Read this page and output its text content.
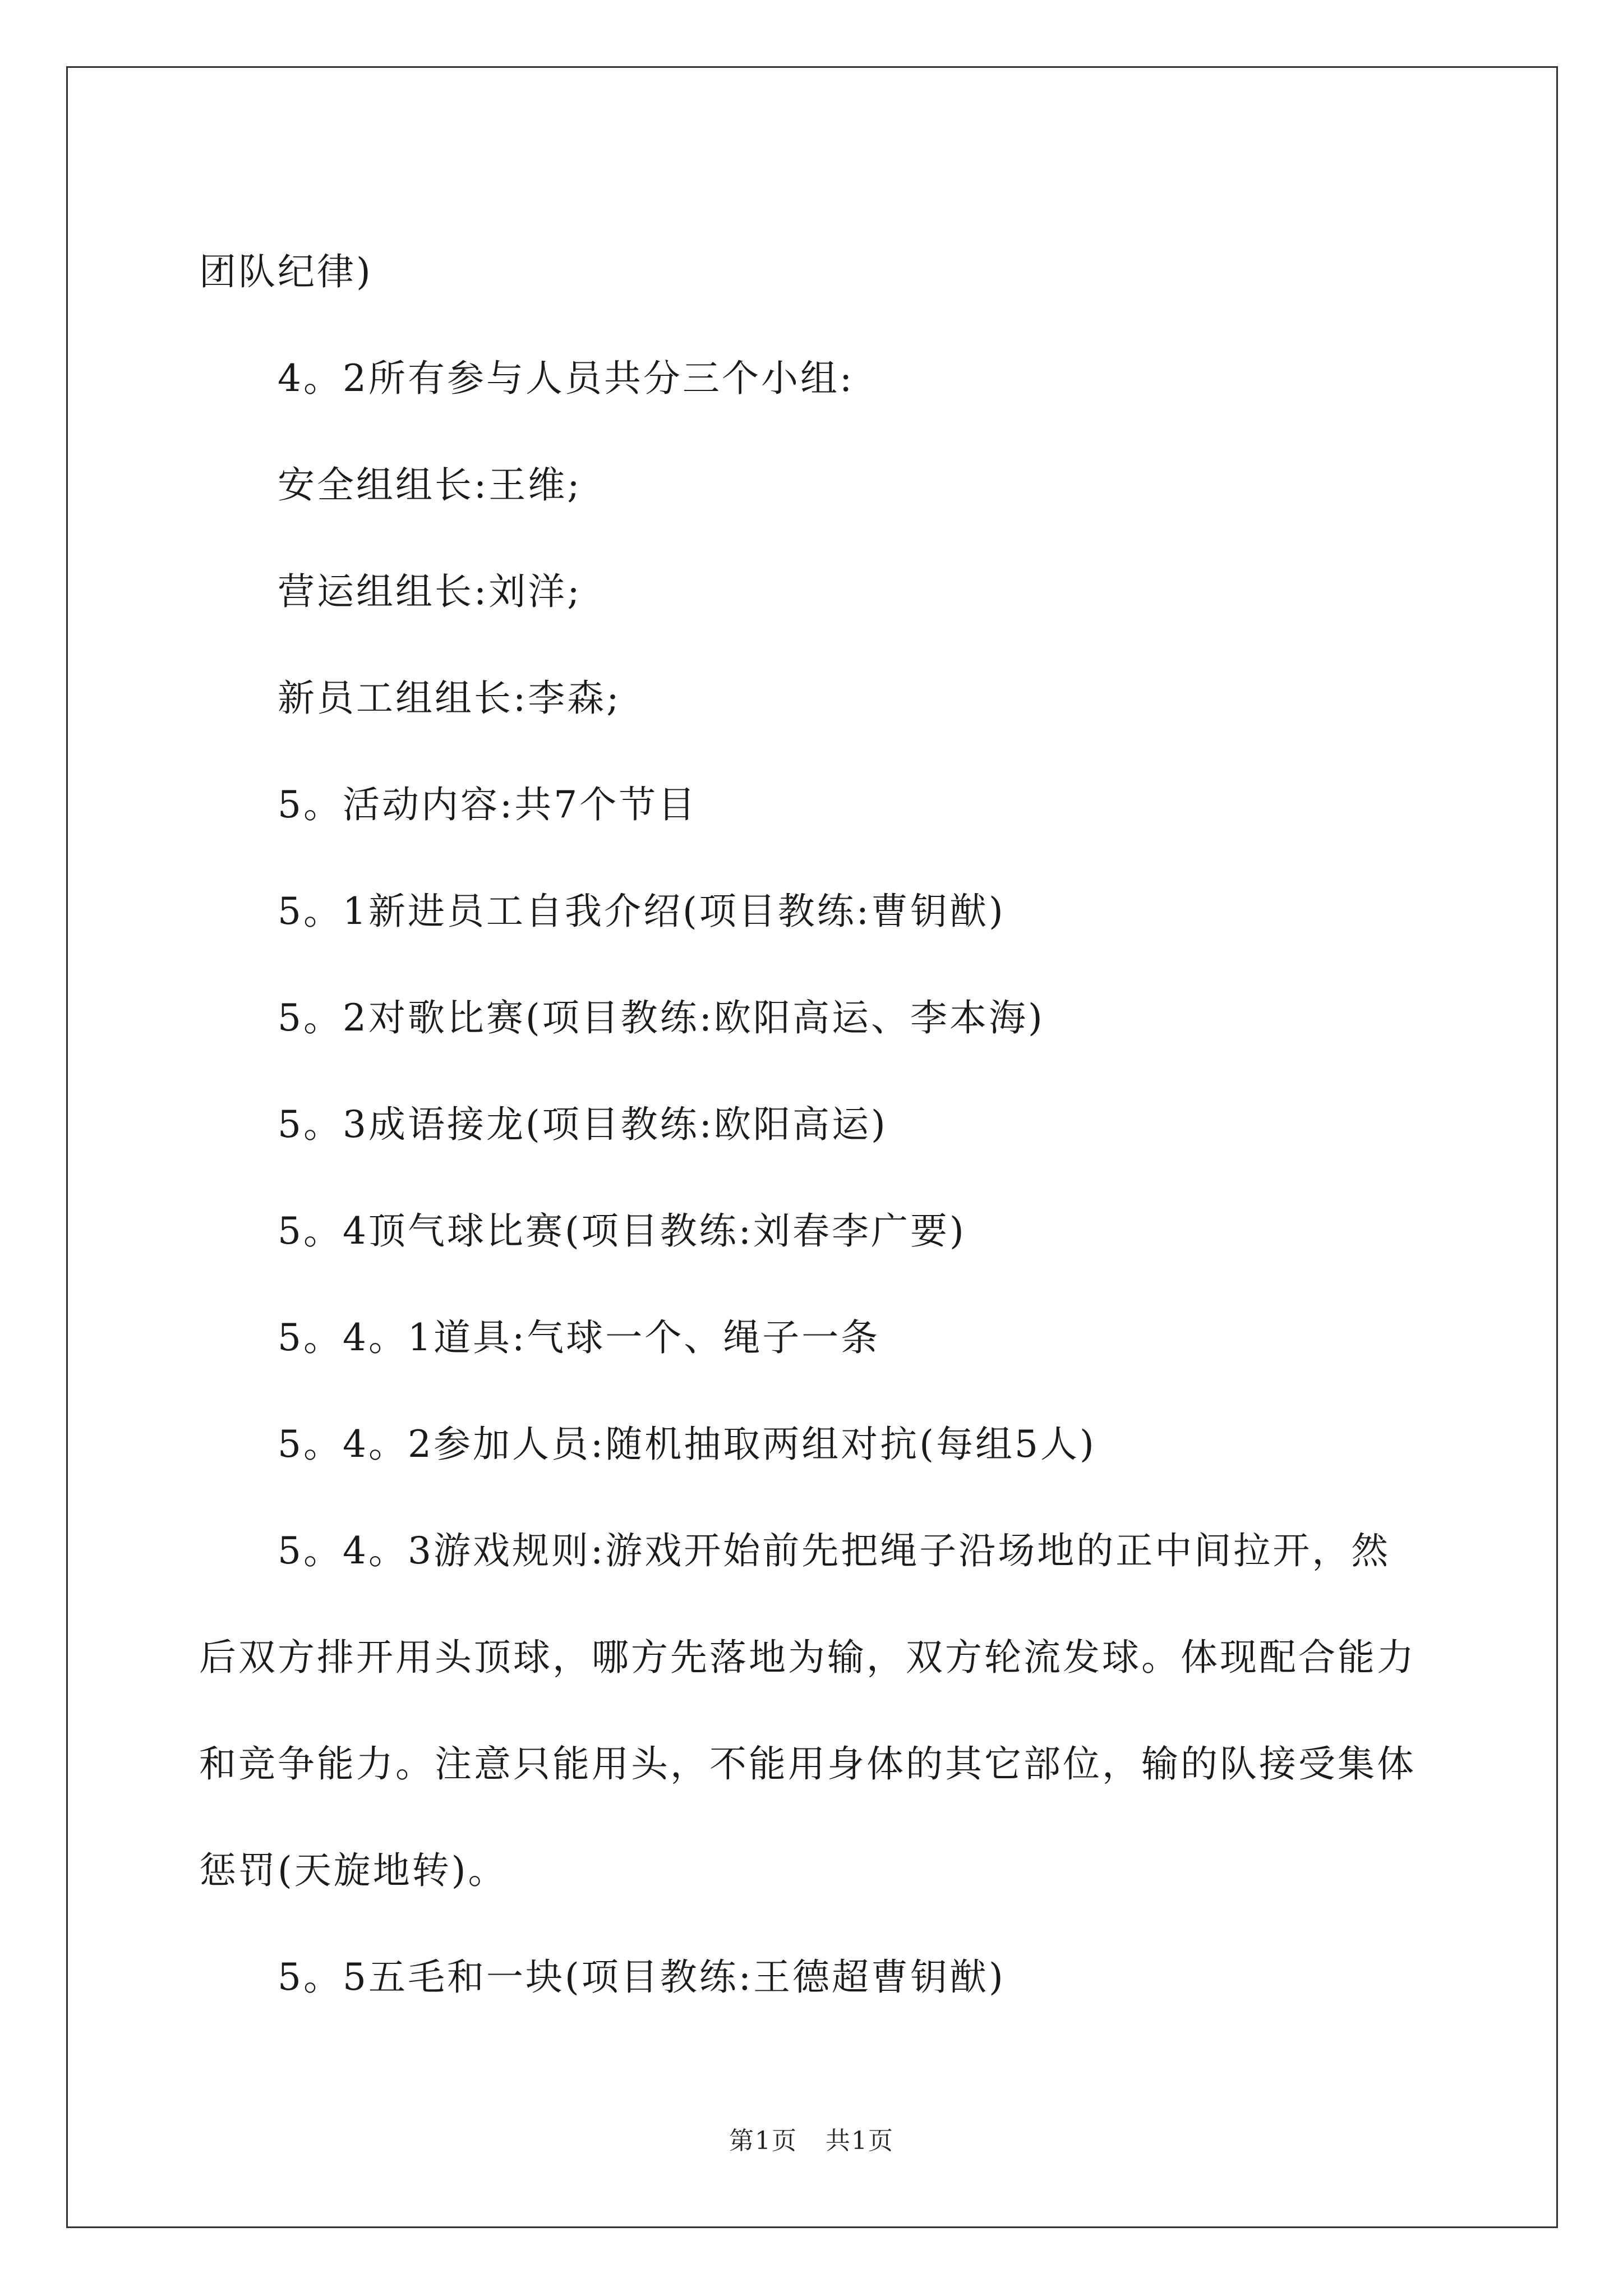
团队纪律)

4。2所有参与人员共分三个小组:

安全组组长:王维;

营运组组长:刘洋;

新员工组组长:李森;

5。活动内容:共7个节目

5。1新进员工自我介绍(项目教练:曹钥猷)

5。2对歌比赛(项目教练:欧阳高运、李本海)

5。3成语接龙(项目教练:欧阳高运)

5。4顶气球比赛(项目教练:刘春李广要)

5。4。1道具:气球一个、绳子一条

5。4。2参加人员:随机抽取两组对抗(每组5人)

5。4。3游戏规则:游戏开始前先把绳子沿场地的正中间拉开，然后双方排开用头顶球，哪方先落地为输，双方轮流发球。体现配合能力和竞争能力。注意只能用头，不能用身体的其它部位，输的队接受集体惩罚(天旋地转)。

5。5五毛和一块(项目教练:王德超曹钥猷)

第1页 共1页
